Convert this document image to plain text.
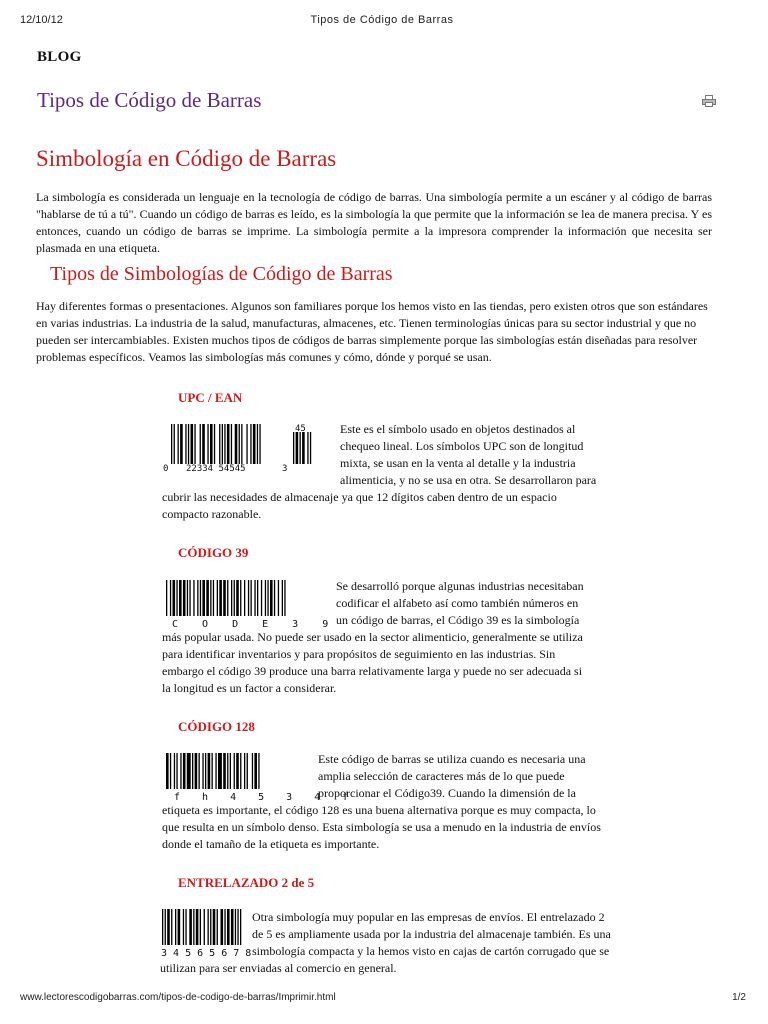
12/10/12	Tipos de Código de Barras
BLOG
Tipos de Código de Barras
Simbología en Código de Barras

La simbología es considerada un lenguaje en la tecnología de código de barras. Una simbología permite a un escáner y al código de barras "hablarse de tú a tú". Cuando un código de barras es leído, es la simbología la que permite que la información se lea de manera precisa. Y es entonces, cuando un código de barras se imprime. La simbología permite a la impresora comprender la información que necesita ser plasmada en una etiqueta.

Tipos de Simbologías de Código de Barras

Hay diferentes formas o presentaciones. Algunos son familiares porque los hemos visto en las tiendas, pero existen otros que son estándares en varias industrias. La industria de la salud, manufacturas, almacenes, etc. Tienen terminologías únicas para su sector industrial y que no pueden ser intercambiables. Existen muchos tipos de códigos de barras simplemente porque las simbologías están diseñadas para resolver problemas específicos. Veamos las simbologías más comunes y cómo, dónde y porqué se usan.

UPC / EAN
0 22334 54545	3
45	Este es el símbolo usado en objetos destinados al chequeo lineal. Los símbolos UPC son de longitud mixta, se usan en la venta al detalle y la industria alimenticia, y no se usa en otra. Se desarrollaron para cubrir las necesidades de almacenaje ya que 12 dígitos caben dentro de un espacio compacto razonable.
CÓDIGO 39
C O D E 3 9
Se desarrolló porque algunas industrias necesitaban codificar el alfabeto así como también números en un código de barras, el Código 39 es la simbología más popular usada. No puede ser usado en la sector alimenticio, generalmente se utiliza para identificar inventarios y para propósitos de seguimiento en las industrias. Sin embargo el código 39 produce una barra relativamente larga y puede no ser adecuada si la longitud es un factor a considerar.
CÓDIGO 128
f h 4 5 3 4 f
Este código de barras se utiliza cuando es necesaria una amplia selección de caracteres más de lo que puede proporcionar el Código39. Cuando la dimensión de la etiqueta es importante, el código 128 es una buena alternativa porque es muy compacta, lo que resulta en un símbolo denso. Esta simbología se usa a menudo en la industria de envíos donde el tamaño de la etiqueta es importante.
ENTRELAZADO 2 de 5
3 4 5 6 5 6 7 8
Otra simbología muy popular en las empresas de envíos. El entrelazado 2 de 5 es ampliamente usada por la industria del almacenaje también. Es una simbología compacta y la hemos visto en cajas de cartón corrugado que se utilizan para ser enviadas al comercio en general.
www.lectorescodigobarras.com/tipos-de-codigo-de-barras/Imprimir.html	1/2
